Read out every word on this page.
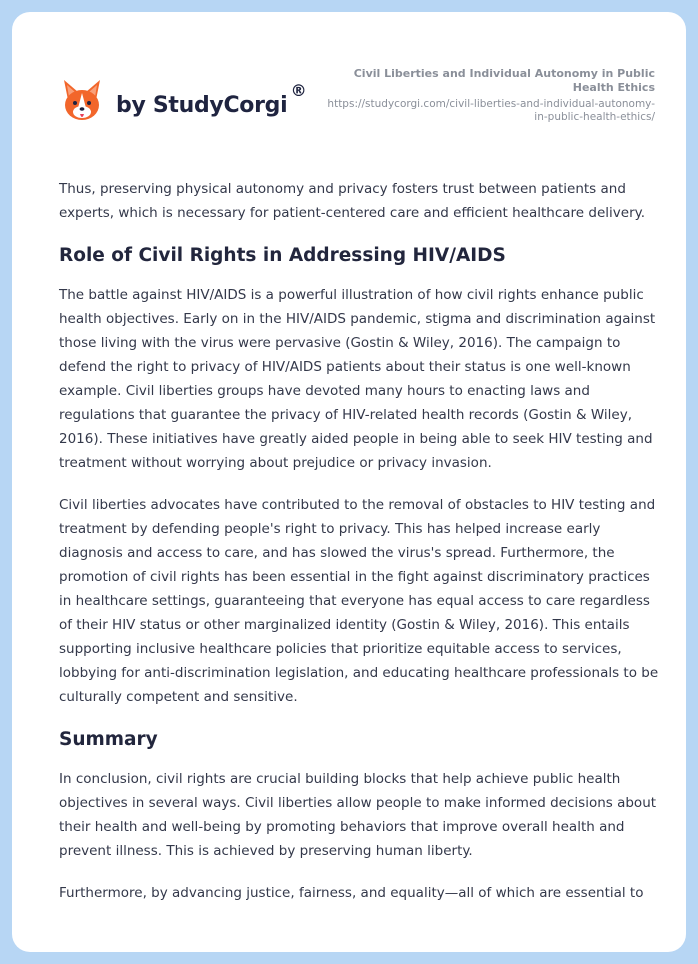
by StudyCorgi
®
Civil Liberties and Individual Autonomy in Public Health Ethics
https://studycorgi.com/civil-liberties-and-individual-autonomy-in-public-health-ethics/

Thus, preserving physical autonomy and privacy fosters trust between patients and experts, which is necessary for patient-centered care and efficient healthcare delivery.

Role of Civil Rights in Addressing HIV/AIDS

The battle against HIV/AIDS is a powerful illustration of how civil rights enhance public health objectives. Early on in the HIV/AIDS pandemic, stigma and discrimination against those living with the virus were pervasive (Gostin & Wiley, 2016). The campaign to defend the right to privacy of HIV/AIDS patients about their status is one well-known example. Civil liberties groups have devoted many hours to enacting laws and regulations that guarantee the privacy of HIV-related health records (Gostin & Wiley, 2016). These initiatives have greatly aided people in being able to seek HIV testing and treatment without worrying about prejudice or privacy invasion.

Civil liberties advocates have contributed to the removal of obstacles to HIV testing and treatment by defending people's right to privacy. This has helped increase early diagnosis and access to care, and has slowed the virus's spread. Furthermore, the promotion of civil rights has been essential in the fight against discriminatory practices in healthcare settings, guaranteeing that everyone has equal access to care regardless of their HIV status or other marginalized identity (Gostin & Wiley, 2016). This entails supporting inclusive healthcare policies that prioritize equitable access to services, lobbying for anti-discrimination legislation, and educating healthcare professionals to be culturally competent and sensitive.

Summary

In conclusion, civil rights are crucial building blocks that help achieve public health objectives in several ways. Civil liberties allow people to make informed decisions about their health and well-being by promoting behaviors that improve overall health and prevent illness. This is achieved by preserving human liberty.

Furthermore, by advancing justice, fairness, and equality—all of which are essential to
